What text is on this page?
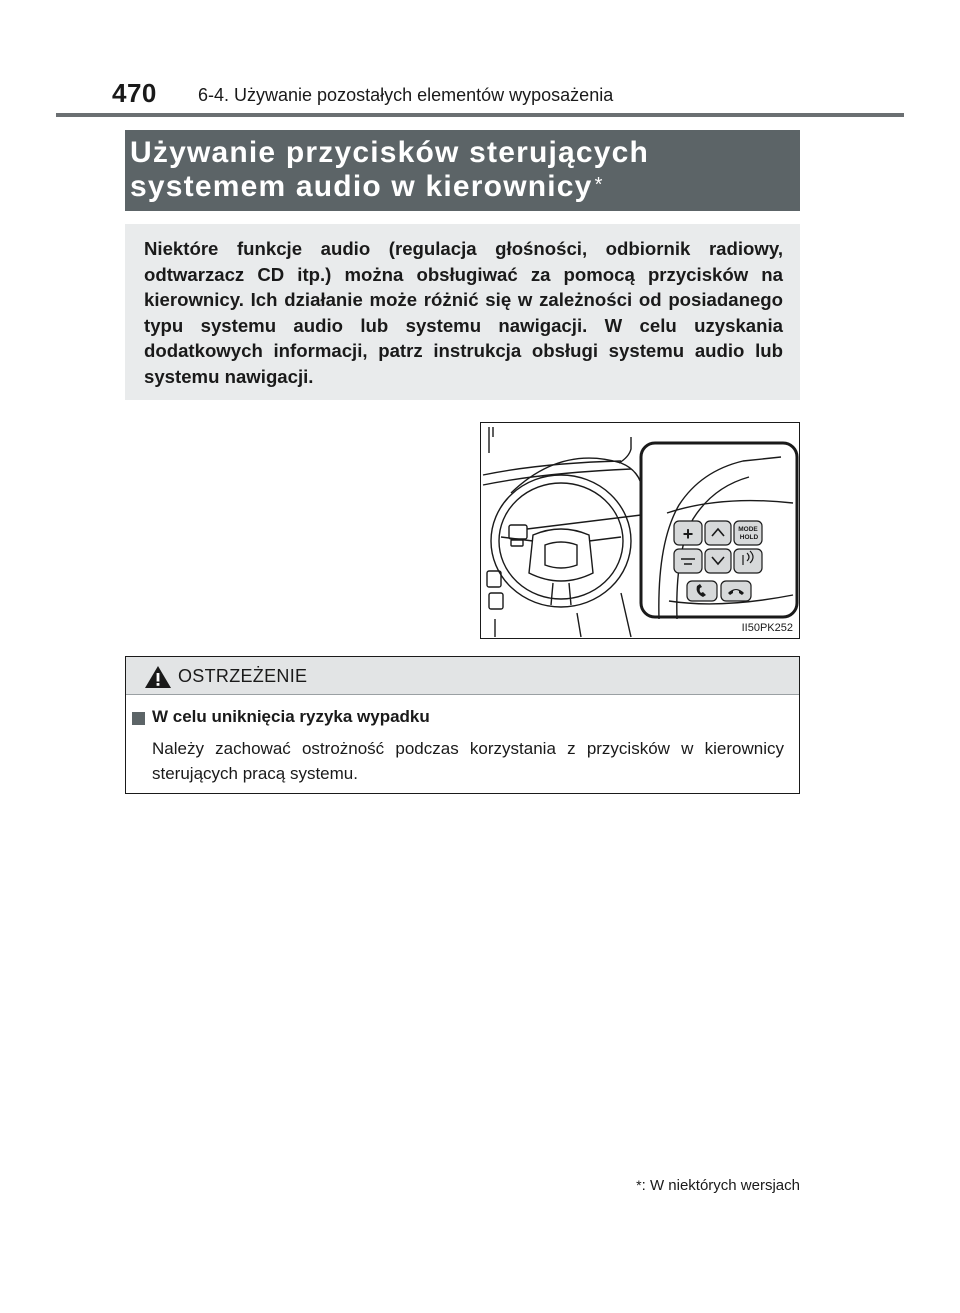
470 6-4. Używanie pozostałych elementów wyposażenia
Używanie przycisków sterujących
systemem audio w kierownicy *
Niektóre funkcje audio (regulacja głośności, odbiornik radiowy, odtwarzacz CD itp.) można obsługiwać za pomocą przycisków na kierownicy. Ich działanie może różnić się w zależności od posiadanego typu systemu audio lub systemu nawigacji. W celu uzyskania dodatkowych informacji, patrz instrukcja obsługi systemu audio lub systemu nawigacji.
+	MODE
HOLD
II50PK252
OSTRZEŻENIE
W celu uniknięcia ryzyka wypadku
Należy zachować ostrożność podczas korzystania z przycisków w kierownicy sterujących pracą systemu.
*: W niektórych wersjach
